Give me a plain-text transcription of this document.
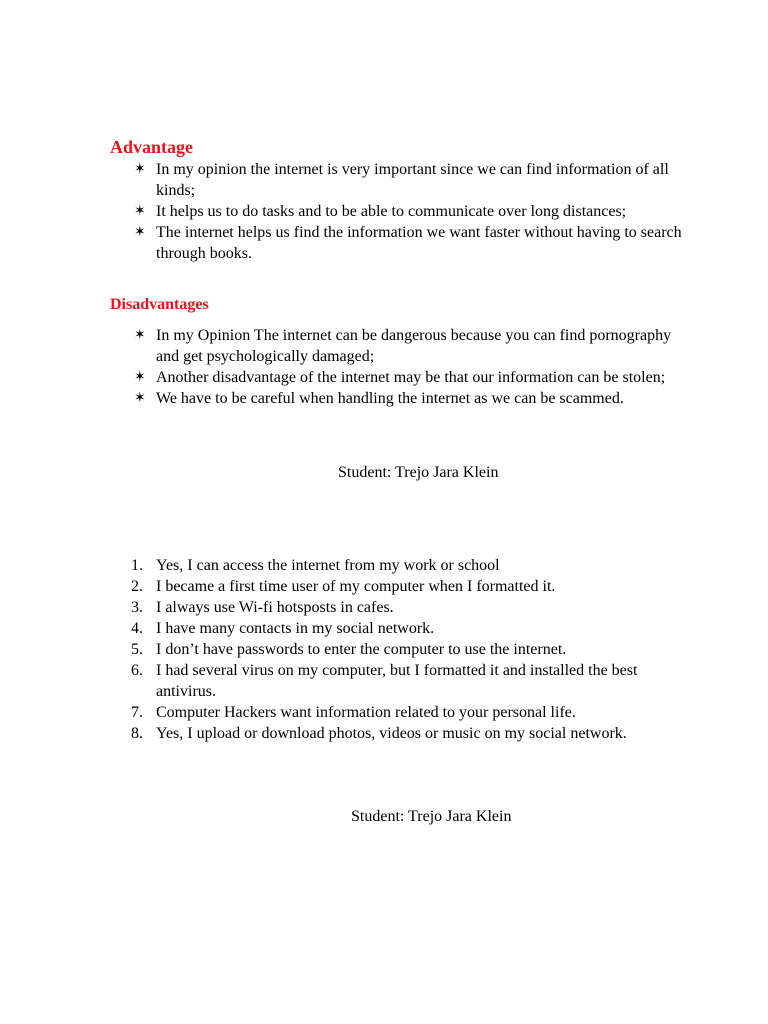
Advantage
✶ In my opinion the internet is very important since we can find information of all kinds;
✶ It helps us to do tasks and to be able to communicate over long distances;
✶ The internet helps us find the information we want faster without having to search through books.
Disadvantages
✶ In my Opinion The internet can be dangerous because you can find pornography and get psychologically damaged;
✶ Another disadvantage of the internet may be that our information can be stolen;
✶ We have to be careful when handling the internet as we can be scammed.
Student: Trejo Jara Klein
1. Yes, I can access the internet from my work or school
2. I became a first time user of my computer when I formatted it.
3. I always use Wi-fi hotsposts in cafes.
4. I have many contacts in my social network.
5. I don’t have passwords to enter the computer to use the internet.
6. I had several virus on my computer, but I formatted it and installed the best antivirus.
7. Computer Hackers want information related to your personal life.
8. Yes, I upload or download photos, videos or music on my social network.
Student: Trejo Jara Klein
